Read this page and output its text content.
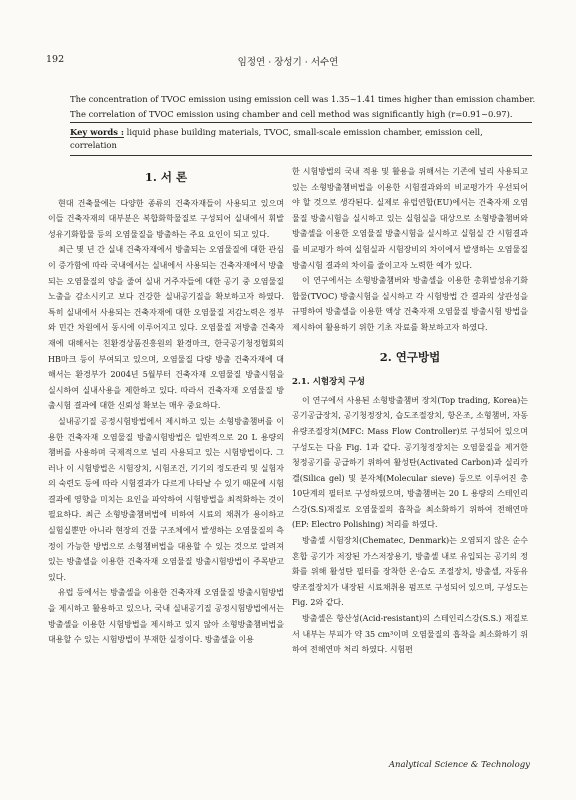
192	임정연 · 장성기 · 서수연

The concentration of TVOC emission using emission cell was 1.35~1.41 times higher than emission chamber.

The correlation of TVOC emission using chamber and cell method was significantly high (r=0.91~0.97).

Key words : liquid phase building materials, TVOC, small-scale emission chamber, emission cell, correlation
1. 서 론

현대 건축물에는 다양한 종류의 건축자재들이 사용되고 있으며 이들 건축자재의 대부분은 복합화학물질로 구성되어 실내에서 휘발성유기화합물 등의 오염물질을 방출하는 주요 요인이 되고 있다.

최근 몇 년 간 실내 건축자재에서 방출되는 오염물질에 대한 관심이 증가함에 따라 국내에서는 실내에서 사용되는 건축자재에서 방출되는 오염물질의 양을 줄여 실내 거주자들에 대한 공기 중 오염물질 노출을 감소시키고 보다 건강한 실내공기질을 확보하고자 하였다. 특히 실내에서 사용되는 건축자재에 대한 오염물질 저감노력은 정부와 민간 차원에서 동시에 이루어지고 있다. 오염물질 저방출 건축자재에 대해서는 친환경상품진흥원의 환경마크, 한국공기청정협회의 HB마크 등이 부여되고 있으며, 오염물질 다량 방출 건축자재에 대해서는 환경부가 2004년 5월부터 건축자재 오염물질 방출시험을 실시하여 실내사용을 제한하고 있다. 따라서 건축자재 오염물질 방출시험 결과에 대한 신뢰성 확보는 매우 중요하다.

실내공기질 공정시험방법에서 제시하고 있는 소형방출챔버를 이용한 건축자재 오염물질 방출시험방법은 일반적으로 20 L 용량의 챔버를 사용하며 국제적으로 널리 사용되고 있는 시험방법이다. 그러나 이 시험방법은 시험장치, 시험조건, 기기의 정도관리 및 실험자의 숙련도 등에 따라 시험결과가 다르게 나타날 수 있기 때문에 시험결과에 영향을 미치는 요인을 파악하여 시험방법을 최적화하는 것이 필요하다. 최근 소형방출챔버법에 비하여 시료의 채취가 용이하고 실험실뿐만 아니라 현장의 건물 구조체에서 발생하는 오염물질의 측정이 가능한 방법으로 소형챔버법을 대용할 수 있는 것으로 알려져 있는 방출셀을 이용한 건축자재 오염물질 방출시험방법이 주목받고 있다.

유럽 등에서는 방출셀을 이용한 건축자재 오염물질 방출시험방법을 제시하고 활용하고 있으나, 국내 실내공기질 공정시험방법에서는 방출셀을 이용한 시험방법을 제시하고 있지 않아 소형방출챔버법을 대용할 수 있는 시험방법이 부재한 실정이다. 방출셀을 이용

한 시험방법의 국내 적용 및 활용을 위해서는 기존에 널리 사용되고 있는 소형방출챔버법을 이용한 시험결과와의 비교평가가 우선되어야 할 것으로 생각된다. 실제로 유럽연합(EU)에서는 건축자재 오염물질 방출시험을 실시하고 있는 실험실을 대상으로 소형방출챔버와 방출셀을 이용한 오염물질 방출시험을 실시하고 실험실 간 시험결과를 비교평가 하여 실험실과 시험장비의 차이에서 발생하는 오염물질 방출시험 결과의 차이를 줄이고자 노력한 예가 있다.

이 연구에서는 소형방출챔버와 방출셀을 이용한 총휘발성유기화합물(TVOC) 방출시험을 실시하고 각 시험방법 간 결과의 상관성을 규명하여 방출셀을 이용한 액상 건축자재 오염물질 방출시험 방법을 제시하여 활용하기 위한 기초 자료를 확보하고자 하였다.

2. 연구방법
2.1. 시험장치 구성

이 연구에서 사용된 소형방출챔버 장치(Top trading, Korea)는 공기공급장치, 공기청정장치, 습도조절장치, 항온조, 소형챔버, 자동유량조절장치(MFC: Mass Flow Controller)로 구성되어 있으며 구성도는 다음 Fig. 1과 같다. 공기청정장치는 오염물질을 제거한 청정공기를 공급하기 위하여 활성탄(Activated Carbon)과 실리카겔(Silica gel) 및 분자체(Molecular sieve) 등으로 이루어진 총 10단계의 필터로 구성하였으며, 방출챔버는 20 L 용량의 스테인리스강(S.S)재질로 오염물질의 흡착을 최소화하기 위하여 전해연마(EP: Electro Polishing) 처리를 하였다.

방출셀 시험장치(Chematec, Denmark)는 오염되지 않은 순수 혼합 공기가 저장된 가스저장용기, 방출셀 내로 유입되는 공기의 정화를 위해 활성탄 필터를 장착한 온·습도 조절장치, 방출셀, 자동유량조절장치가 내장된 시료채취용 펌프로 구성되어 있으며, 구성도는 Fig. 2와 같다.

방출셀은 항산성(Acid-resistant)의 스테인리스강(S.S.) 재질로서 내부는 부피가 약 35 cm³이며 오염물질의 흡착을 최소화하기 위하여 전해연마 처리 하였다. 시험편

Analytical Science & Technology
